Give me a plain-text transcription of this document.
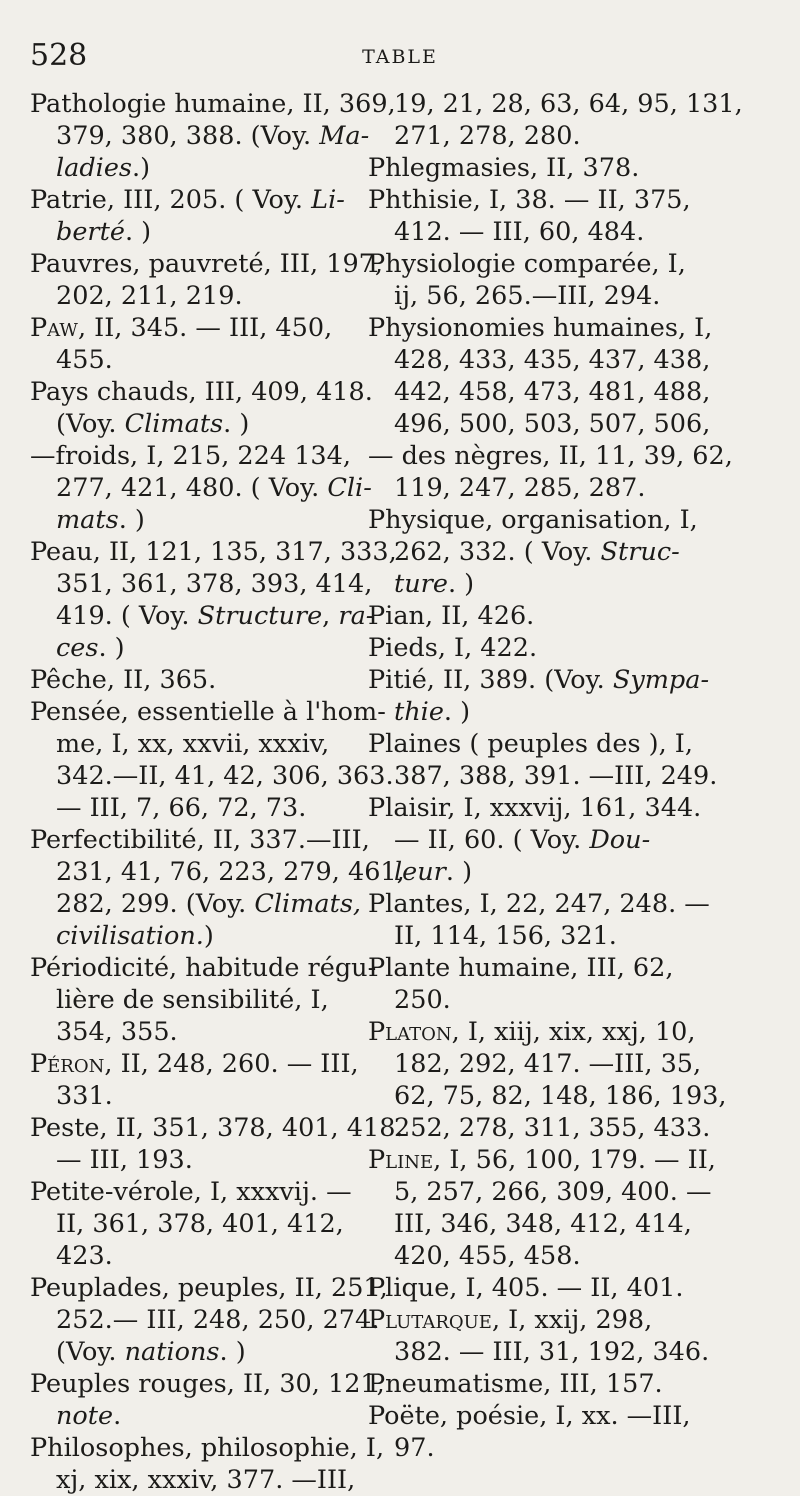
528	TABLE
Pathologie humaine, II, 369,
379, 380, 388. (Voy. Ma-
ladies.)
Patrie, III, 205. ( Voy. Li-
berté. )
Pauvres, pauvreté, III, 197,
202, 211, 219.
Paw, II, 345. — III, 450,
455.
Pays chauds, III, 409, 418.
(Voy. Climats. )
—froids, I, 215, 224 134,
277, 421, 480. ( Voy. Cli-
mats. )
Peau, II, 121, 135, 317, 333,
351, 361, 378, 393, 414,
419. ( Voy. Structure, ra-
ces. )
Pêche, II, 365.
Pensée, essentielle à l'hom-
me, I, xx, xxvii, xxxiv,
342.—II, 41, 42, 306, 363.
— III, 7, 66, 72, 73.
Perfectibilité, II, 337.—III,
231, 41, 76, 223, 279, 461,
282, 299. (Voy. Climats,
civilisation.)
Périodicité, habitude régu-
lière de sensibilité, I,
354, 355.
Péron, II, 248, 260. — III,
331.
Peste, II, 351, 378, 401, 418.
— III, 193.
Petite-vérole, I, xxxvij. —
II, 361, 378, 401, 412,
423.
Peuplades, peuples, II, 251,
252.— III, 248, 250, 274.
(Voy. nations. )
Peuples rouges, II, 30, 121,
note.
Philosophes, philosophie, I,
xj, xix, xxxiv, 377. —III,
19, 21, 28, 63, 64, 95, 131,
271, 278, 280.
Phlegmasies, II, 378.
Phthisie, I, 38. — II, 375,
412. — III, 60, 484.
Physiologie comparée, I,
ij, 56, 265.—III, 294.
Physionomies humaines, I,
428, 433, 435, 437, 438,
442, 458, 473, 481, 488,
496, 500, 503, 507, 506,
— des nègres, II, 11, 39, 62,
119, 247, 285, 287.
Physique, organisation, I,
262, 332. ( Voy. Struc-
ture. )
Pian, II, 426.
Pieds, I, 422.
Pitié, II, 389. (Voy. Sympa-
thie. )
Plaines ( peuples des ), I,
387, 388, 391. —III, 249.
Plaisir, I, xxxvij, 161, 344.
— II, 60. ( Voy. Dou-
leur. )
Plantes, I, 22, 247, 248. —
II, 114, 156, 321.
Plante humaine, III, 62,
250.
Platon, I, xiij, xix, xxj, 10,
182, 292, 417. —III, 35,
62, 75, 82, 148, 186, 193,
252, 278, 311, 355, 433.
Pline, I, 56, 100, 179. — II,
5, 257, 266, 309, 400. —
III, 346, 348, 412, 414,
420, 455, 458.
Plique, I, 405. — II, 401.
Plutarque, I, xxij, 298,
382. — III, 31, 192, 346.
Pneumatisme, III, 157.
Poëte, poésie, I, xx. —III,
97.
